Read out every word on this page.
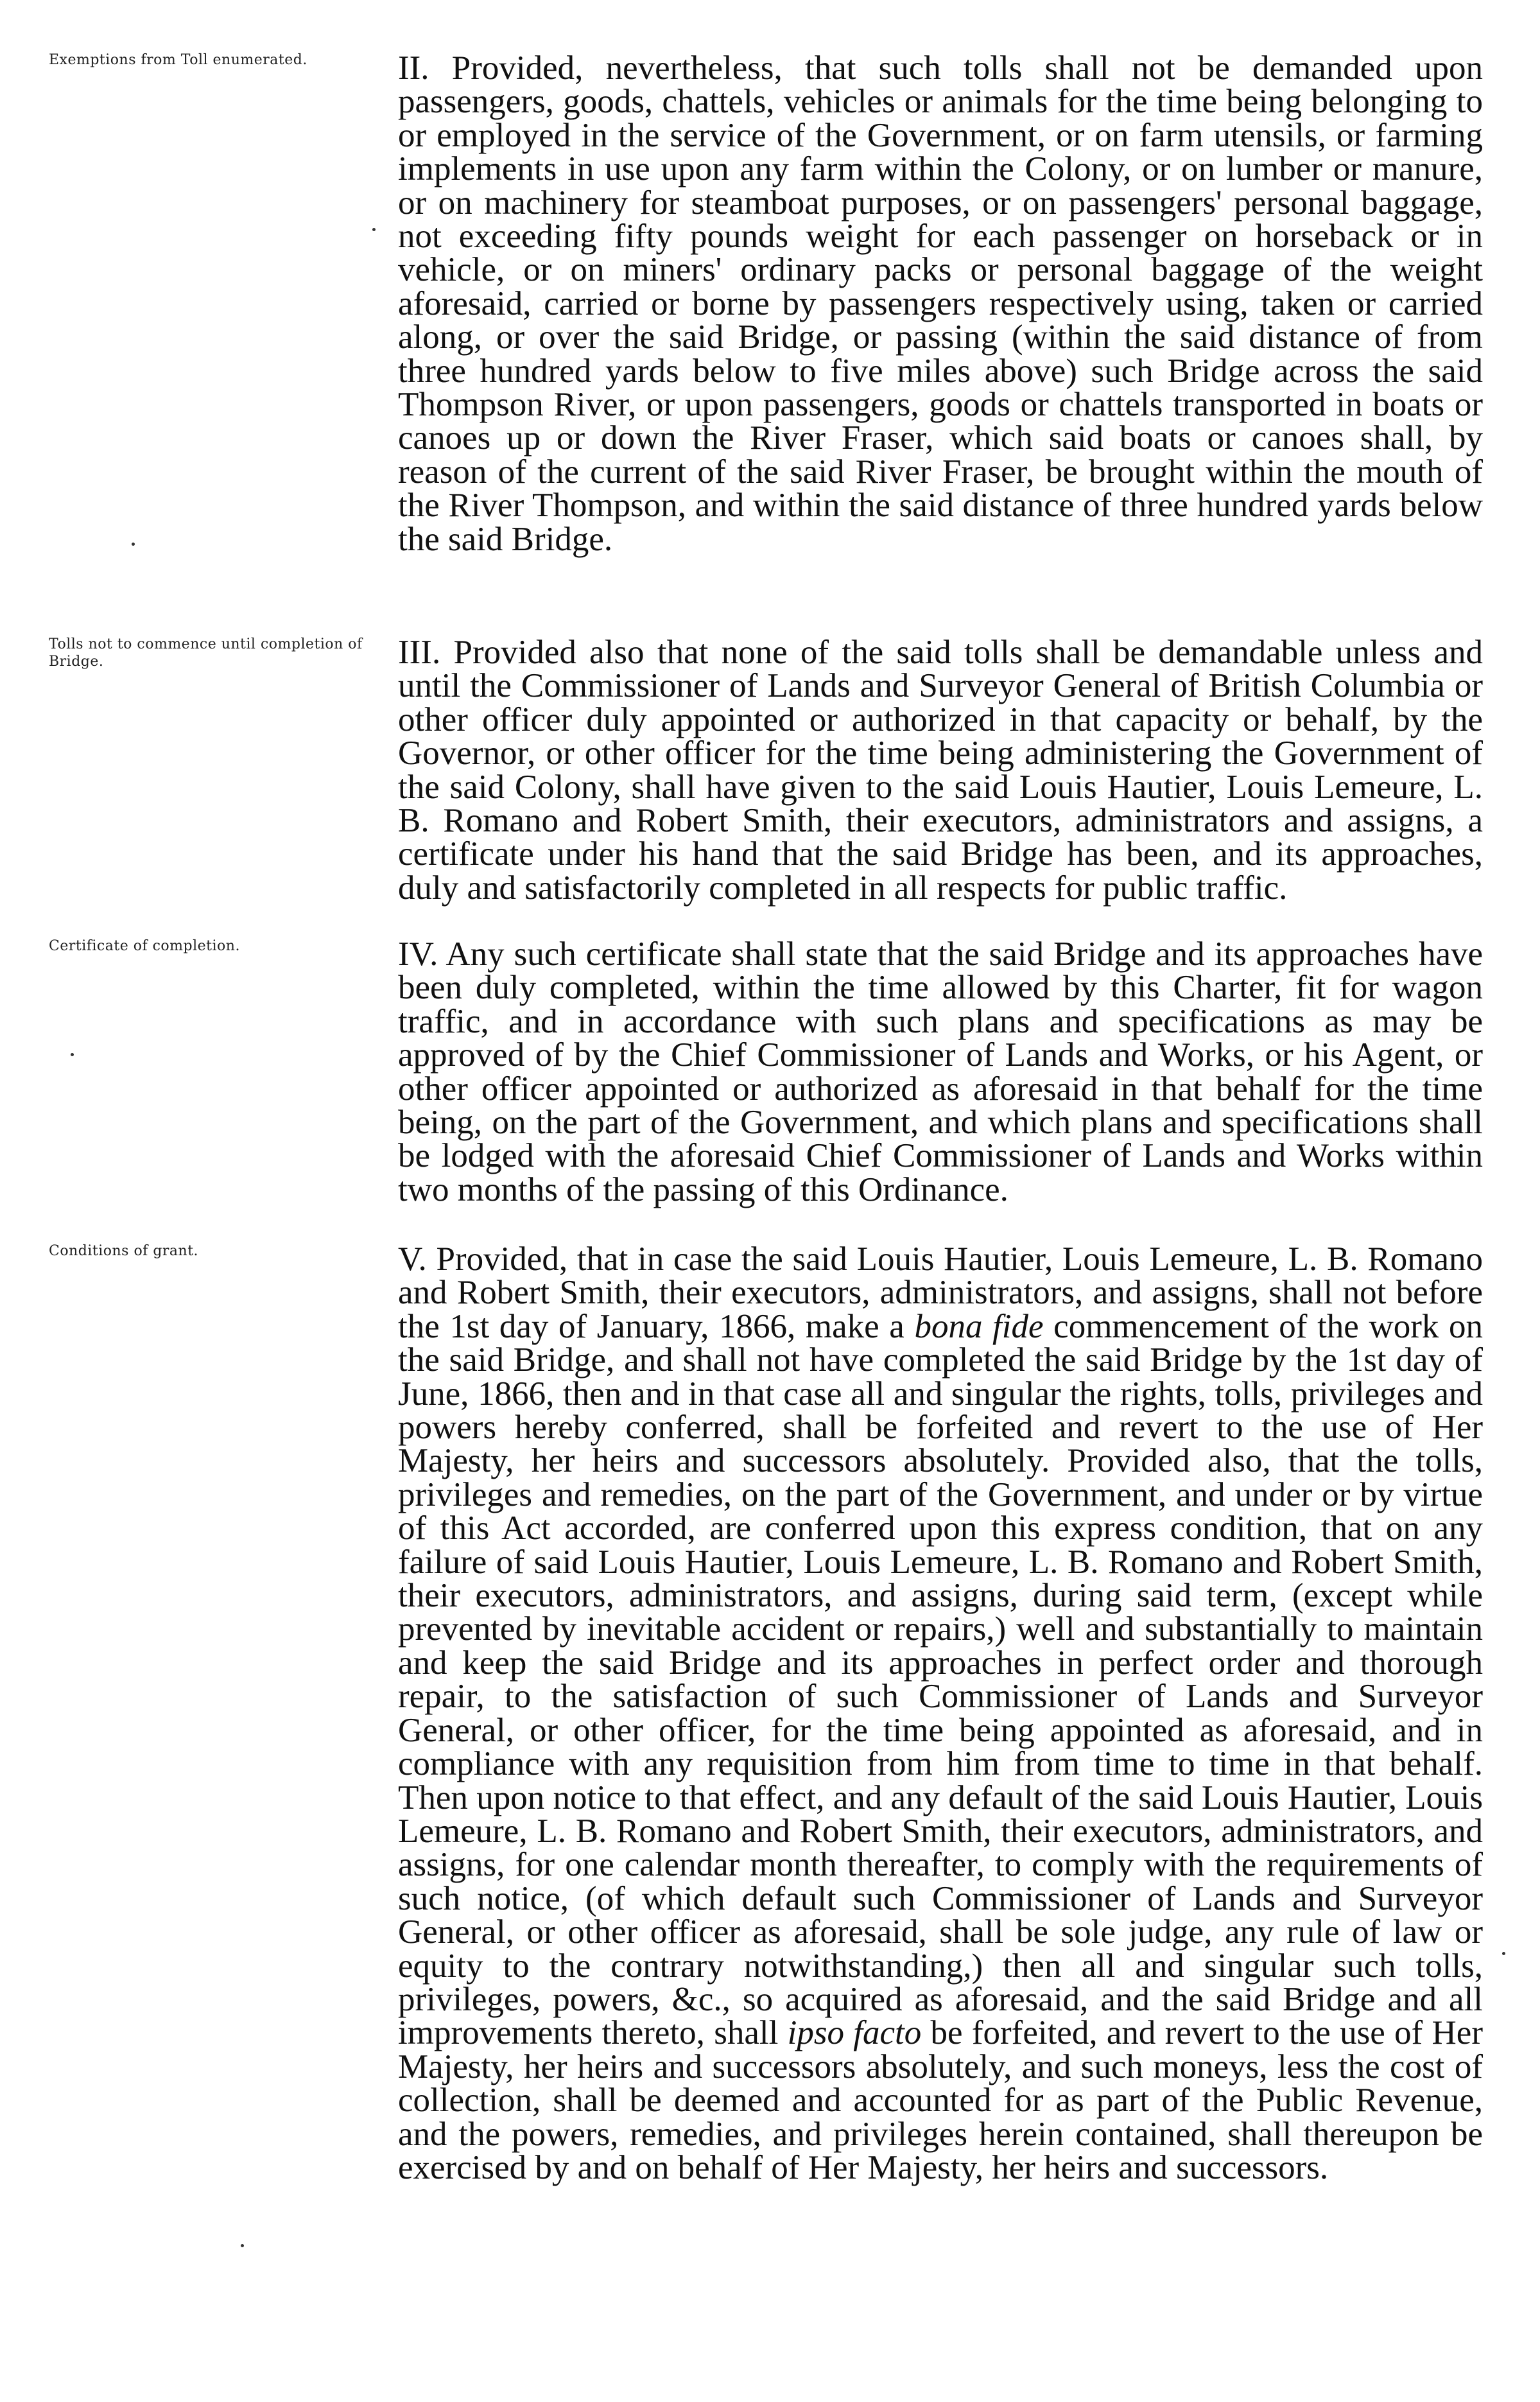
Exemptions from Toll enumerated.	II. Provided, nevertheless, that such tolls shall not be demanded upon passengers, goods, chattels, vehicles or animals for the time being belonging to or employed in the service of the Government, or on farm utensils, or farming implements in use upon any farm within the Colony, or on lumber or manure, or on machinery for steamboat purposes, or on passengers' personal baggage, not exceeding fifty pounds weight for each passenger on horseback or in vehicle, or on miners' ordinary packs or personal baggage of the weight aforesaid, carried or borne by passengers respectively using, taken or carried along, or over the said Bridge, or passing (within the said distance of from three hundred yards below to five miles above) such Bridge across the said Thompson River, or upon passengers, goods or chattels transported in boats or canoes up or down the River Fraser, which said boats or canoes shall, by reason of the current of the said River Fraser, be brought within the mouth of the River Thompson, and within the said distance of three hundred yards below the said Bridge.
Tolls not to commence until completion of Bridge.	III. Provided also that none of the said tolls shall be demandable unless and until the Commissioner of Lands and Surveyor General of British Columbia or other officer duly appointed or authorized in that capacity or behalf, by the Governor, or other officer for the time being administering the Government of the said Colony, shall have given to the said Louis Hautier, Louis Lemeure, L. B. Romano and Robert Smith, their executors, administrators and assigns, a certificate under his hand that the said Bridge has been, and its approaches, duly and satisfactorily completed in all respects for public traffic.
Certificate of completion.	IV. Any such certificate shall state that the said Bridge and its approaches have been duly completed, within the time allowed by this Charter, fit for wagon traffic, and in accordance with such plans and specifications as may be approved of by the Chief Commissioner of Lands and Works, or his Agent, or other officer appointed or authorized as aforesaid in that behalf for the time being, on the part of the Government, and which plans and specifications shall be lodged with the aforesaid Chief Commissioner of Lands and Works within two months of the passing of this Ordinance.
Conditions of grant.	V. Provided, that in case the said Louis Hautier, Louis Lemeure, L. B. Romano and Robert Smith, their executors, administrators, and assigns, shall not before the 1st day of January, 1866, make a bona fide commencement of the work on the said Bridge, and shall not have completed the said Bridge by the 1st day of June, 1866, then and in that case all and singular the rights, tolls, privileges and powers hereby conferred, shall be forfeited and revert to the use of Her Majesty, her heirs and successors absolutely. Provided also, that the tolls, privileges and remedies, on the part of the Government, and under or by virtue of this Act accorded, are conferred upon this express condition, that on any failure of said Louis Hautier, Louis Lemeure, L. B. Romano and Robert Smith, their executors, administrators, and assigns, during said term, (except while prevented by inevitable accident or repairs,) well and substantially to maintain and keep the said Bridge and its approaches in perfect order and thorough repair, to the satisfaction of such Commissioner of Lands and Surveyor General, or other officer, for the time being appointed as aforesaid, and in compliance with any requisition from him from time to time in that behalf. Then upon notice to that effect, and any default of the said Louis Hautier, Louis Lemeure, L. B. Romano and Robert Smith, their executors, administrators, and assigns, for one calendar month thereafter, to comply with the requirements of such notice, (of which default such Commissioner of Lands and Surveyor General, or other officer as aforesaid, shall be sole judge, any rule of law or equity to the contrary notwithstanding,) then all and singular such tolls, privileges, powers, &c., so acquired as aforesaid, and the said Bridge and all improvements thereto, shall ipso facto be forfeited, and revert to the use of Her Majesty, her heirs and successors absolutely, and such moneys, less the cost of collection, shall be deemed and accounted for as part of the Public Revenue, and the powers, remedies, and privileges herein contained, shall thereupon be exercised by and on behalf of Her Majesty, her heirs and successors.
